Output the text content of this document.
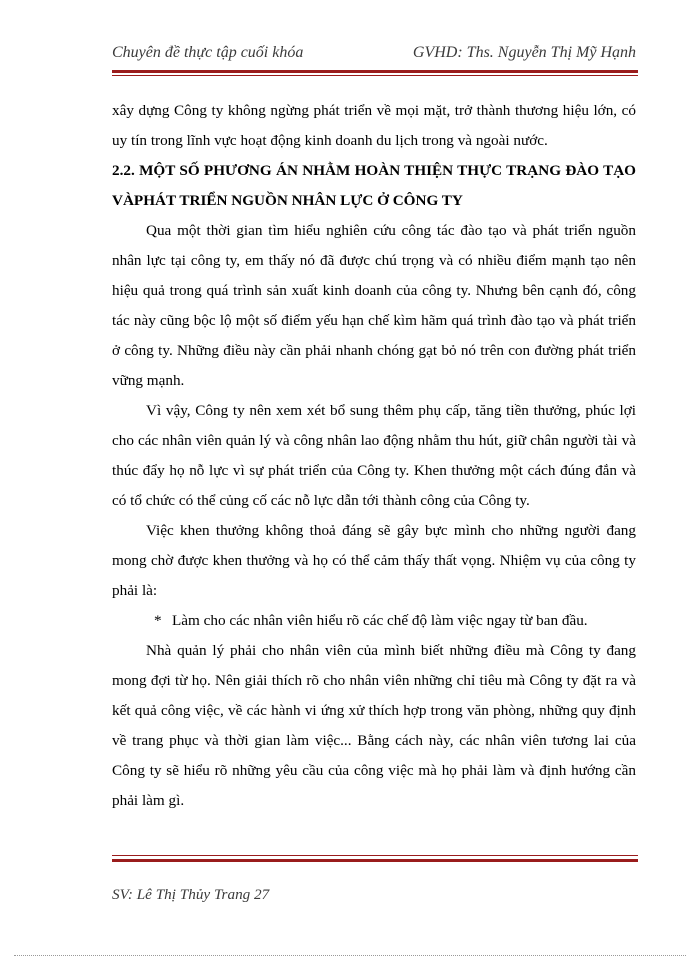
Chuyên đề thực tập cuối khóa	GVHD: Ths. Nguyễn Thị Mỹ Hạnh

xây dựng Công ty không ngừng phát triển về mọi mặt, trở thành thương hiệu lớn, có uy tín trong lĩnh vực hoạt động kinh doanh du lịch trong và ngoài nước.

2.2. MỘT SỐ PHƯƠNG ÁN NHẰM HOÀN THIỆN THỰC TRẠNG ĐÀO TẠO VÀPHÁT TRIỂN NGUỒN NHÂN LỰC Ở CÔNG TY

Qua một thời gian tìm hiểu nghiên cứu công tác đào tạo và phát triển nguồn nhân lực tại công ty, em thấy nó đã được chú trọng và có nhiều điểm mạnh tạo nên hiệu quả trong quá trình sản xuất kinh doanh của công ty. Nhưng bên cạnh đó, công tác này cũng bộc lộ một số điểm yếu hạn chế kìm hãm quá trình đào tạo và phát triển ở công ty. Những điều này cần phải nhanh chóng gạt bỏ nó trên con đường phát triển vững mạnh.

Vì vậy, Công ty nên xem xét bổ sung thêm phụ cấp, tăng tiền thưởng, phúc lợi cho các nhân viên quản lý và công nhân lao động nhằm thu hút, giữ chân người tài và thúc đẩy họ nỗ lực vì sự phát triển của Công ty. Khen thưởng một cách đúng đắn và có tổ chức có thể củng cố các nỗ lực dẫn tới thành công của Công ty.

Việc khen thưởng không thoả đáng sẽ gây bực mình cho những người đang mong chờ được khen thưởng và họ có thể cảm thấy thất vọng. Nhiệm vụ của công ty phải là:

* Làm cho các nhân viên hiểu rõ các chế độ làm việc ngay từ ban đầu.

Nhà quản lý phải cho nhân viên của mình biết những điều mà Công ty đang mong đợi từ họ. Nên giải thích rõ cho nhân viên những chỉ tiêu mà Công ty đặt ra và kết quả công việc, về các hành vi ứng xử thích hợp trong văn phòng, những quy định về trang phục và thời gian làm việc... Bằng cách này, các nhân viên tương lai của Công ty sẽ hiểu rõ những yêu cầu của công việc mà họ phải làm và định hướng cần phải làm gì.

SV: Lê Thị Thủy Trang 27
